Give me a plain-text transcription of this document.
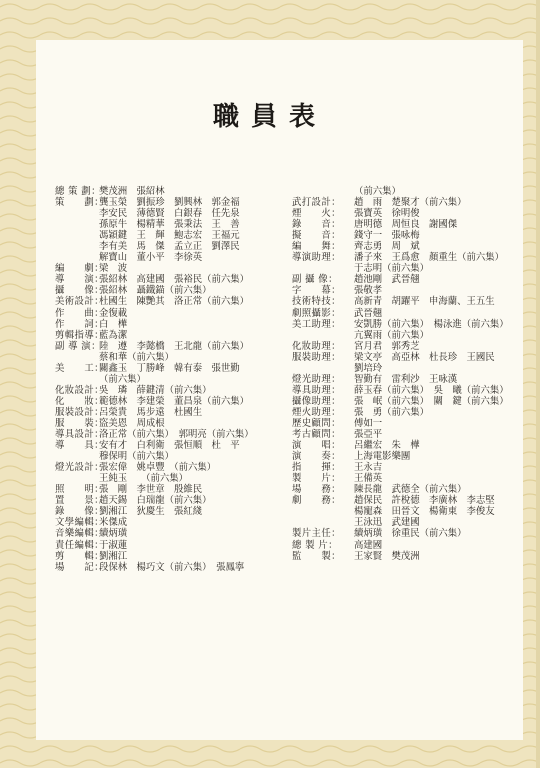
職員表
總 策 劃：
樊茂洲　張紹林
策　　劃：
龔玉榮　劉振珍　劉興林　郭金福
李安民　薄德賢　白銀春　任先泉
孫原牛　楊精華　張秉法　王　善
馮穎鍵　王　輝　鮑志宏　王福元
李有美　馬　傑　孟立正　劉澤民
解寶山　董小平　李徐英
編　　劇：
梁　波
導　　演：
張紹林　高建國　張裕民（前六集）
攝　　像：
張紹林　聶鐵錨（前六集）
美術設計：
杜國生　陳艷其　洛正常（前六集）
作　　曲：
金復載
作　　詞：
白　樺
剪輯指導：
藍為潔
副 導 演：
陸　遵　李懿橋　王北龍（前六集）
蔡和華（前六集）
美　　工：
關鑫玉　丁勝峰　韓有泰　張世勤
（前六集）
化妝設計：
吳　璘　薛鍵清（前六集）
化　　妝：
範德林　李建榮　董昌泉（前六集）
服裝設計：
呂榮貴　馬步遠　杜國生
服　　裝：
盜美恩　周成根
導具設計：
洛正常（前六集）　郭明亮（前六集）
導　　具：
安有才　白利衛　張恒順　杜　平
穆保明（前六集）
燈光設計：
張宏偉　姚卓豐　（前六集）
王純玉　　（前六集）
照　　明：
張　剛　李世章　殷維民
置　　景：
趙天錫　白瑞龍（前六集）
錄　　像：
劉湘江　狄慶生　張紅綫
文學編輯：
米傑成
音樂編輯：
續炳璜
責任編輯：
于淑蓮
剪　　輯：
劉湘江
場　　記：
段保林　楊巧文（前六集）　張鳳寧
（前六集）
武打設計：	趙　雨　楚聚才（前六集）
煙　　火：	張寶英　徐明俊
錄　　音：	唐明德　周恒良　謝國傑
擬　　音：	錢守一　張咏梅
編　　舞：	齊志勇　周　斌
導演助理：	潘子來　王爲愈　顏重生（前六集）
于志明（前六集）
副 攝 像：	趙池剛　武晉翹
字　　幕：	張敬孝
技術特技：	高新青　胡躍平　申海蘭、王五生
劇照攝影：	武晉翹
美工助理：	安凱勝（前六集）　楊泳進（前六集）
亢翼雨（前六集）
化妝助理：	宮月君　郭秀芝
服裝助理：	梁文亭　高亞林　杜長珍　王國民
劉培玲
燈光助理：	智勤有　雷利沙　王咏漢
導具助理：	薛玉春（前六集）　吳　曦（前六集）
攝像助理：	張　岷（前六集）　關　鍵（前六集）
煙火助理：	張　勇（前六集）
歷史顧問：	傅如一
考古顧問：	張亞平
演　　唱：	呂繼宏　朱　樺
演　　奏：	上海電影樂團
指　　揮：	王永吉
製　　片：	王備英
場　　務：	陳長龍　武德全（前六集）
劇　　務：	趙保民　許梲德　李廣林　李志堅
楊寵森　田晉文　楊衛東　李俊友
王泳迅　武建國
製片主任：	續炳璜　徐重民（前六集）
總 製 片：	高建國
監　　製：	王家賢　樊茂洲
